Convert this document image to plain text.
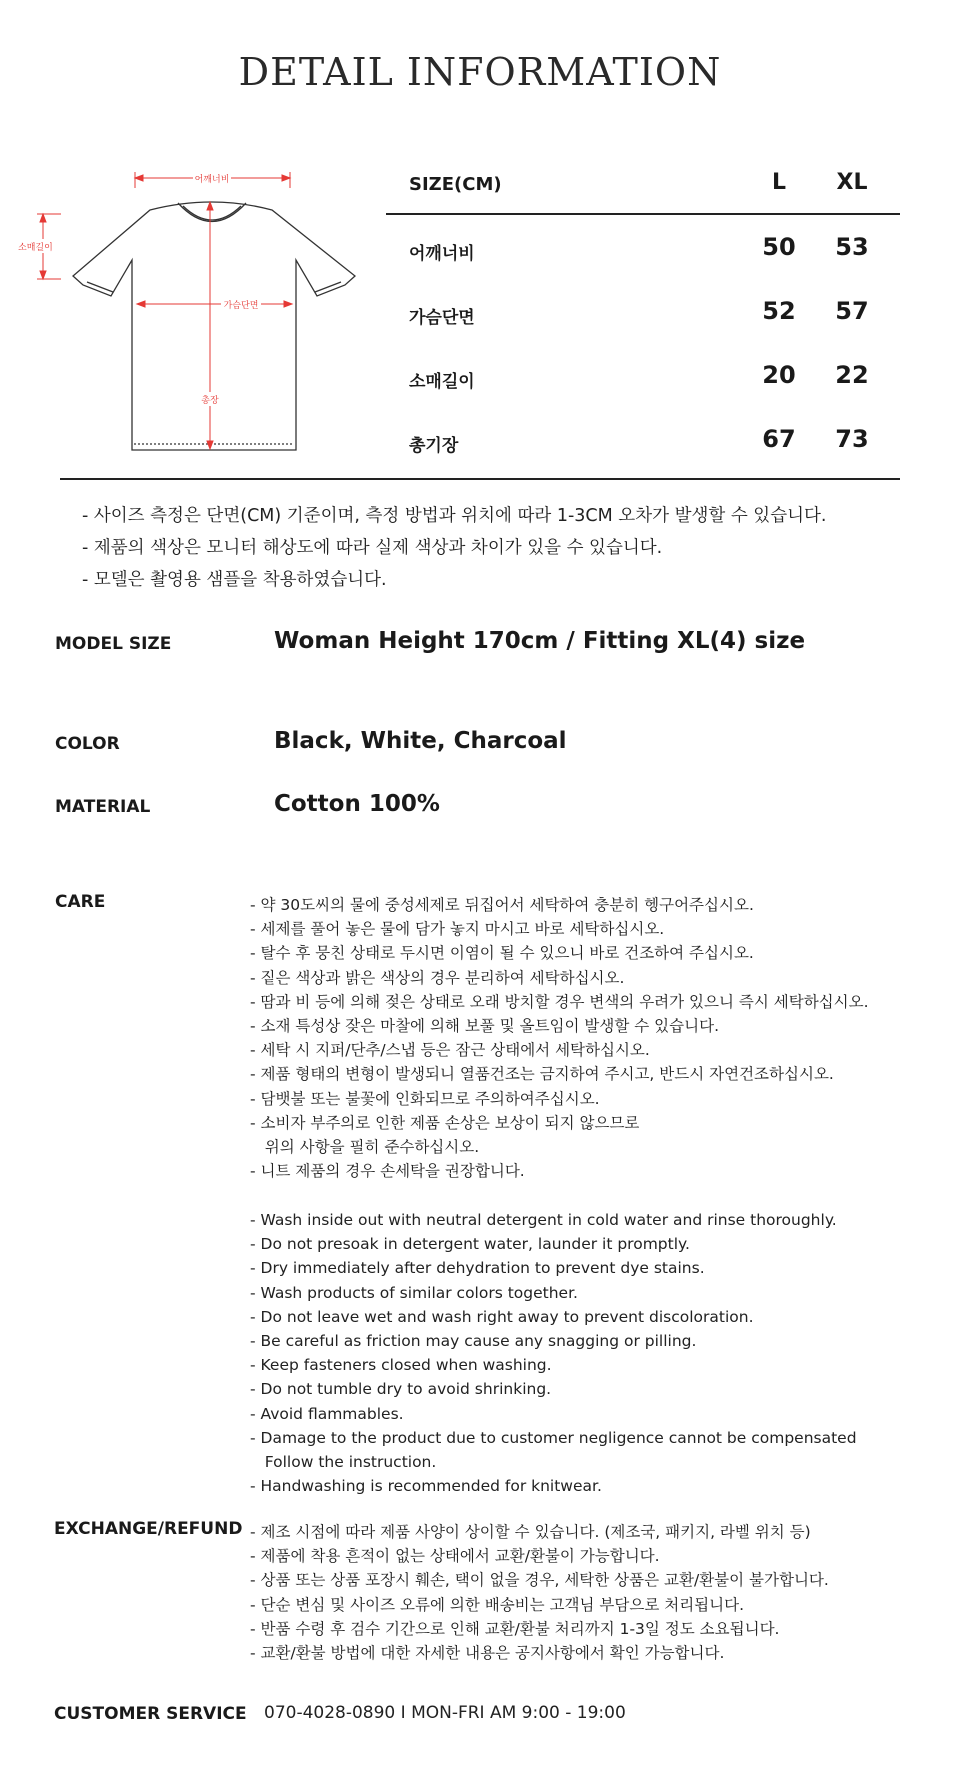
DETAIL INFORMATION
어깨너비
소매길이
가슴단면
총장
SIZE(CM)	L	XL
어깨너비	50	53
가슴단면	52	57
소매길이	20	22
총기장	67	73
- 사이즈 측정은 단면(CM) 기준이며, 측정 방법과 위치에 따라 1-3CM 오차가 발생할 수 있습니다.
- 제품의 색상은 모니터 해상도에 따라 실제 색상과 차이가 있을 수 있습니다.
- 모델은 촬영용 샘플을 착용하였습니다.
MODEL SIZE	Woman Height 170cm / Fitting XL(4) size
COLOR	Black, White, Charcoal
MATERIAL	Cotton 100%
CARE	- 약 30도씨의 물에 중성세제로 뒤집어서 세탁하여 충분히 헹구어주십시오.
- 세제를 풀어 놓은 물에 담가 놓지 마시고 바로 세탁하십시오.
- 탈수 후 뭉친 상태로 두시면 이염이 될 수 있으니 바로 건조하여 주십시오.
- 짙은 색상과 밝은 색상의 경우 분리하여 세탁하십시오.
- 땀과 비 등에 의해 젖은 상태로 오래 방치할 경우 변색의 우려가 있으니 즉시 세탁하십시오.
- 소재 특성상 잦은 마찰에 의해 보풀 및 올트임이 발생할 수 있습니다.
- 세탁 시 지퍼/단추/스냅 등은 잠근 상태에서 세탁하십시오.
- 제품 형태의 변형이 발생되니 열품건조는 금지하여 주시고, 반드시 자연건조하십시오.
- 담뱃불 또는 불꽃에 인화되므로 주의하여주십시오.
- 소비자 부주의로 인한 제품 손상은 보상이 되지 않으므로
위의 사항을 필히 준수하십시오.
- 니트 제품의 경우 손세탁을 권장합니다.
- Wash inside out with neutral detergent in cold water and rinse thoroughly.
- Do not presoak in detergent water, launder it promptly.
- Dry immediately after dehydration to prevent dye stains.
- Wash products of similar colors together.
- Do not leave wet and wash right away to prevent discoloration.
- Be careful as friction may cause any snagging or pilling.
- Keep fasteners closed when washing.
- Do not tumble dry to avoid shrinking.
- Avoid flammables.
- Damage to the product due to customer negligence cannot be compensated
Follow the instruction.
- Handwashing is recommended for knitwear.
EXCHANGE/REFUND - 제조 시점에 따라 제품 사양이 상이할 수 있습니다. (제조국, 패키지, 라벨 위치 등)
- 제품에 착용 흔적이 없는 상태에서 교환/환불이 가능합니다.
- 상품 또는 상품 포장시 훼손, 택이 없을 경우, 세탁한 상품은 교환/환불이 불가합니다.
- 단순 변심 및 사이즈 오류에 의한 배송비는 고객님 부담으로 처리됩니다.
- 반품 수령 후 검수 기간으로 인해 교환/환불 처리까지 1-3일 정도 소요됩니다.
- 교환/환불 방법에 대한 자세한 내용은 공지사항에서 확인 가능합니다.
CUSTOMER SERVICE 070-4028-0890 I MON-FRI AM 9:00 - 19:00
